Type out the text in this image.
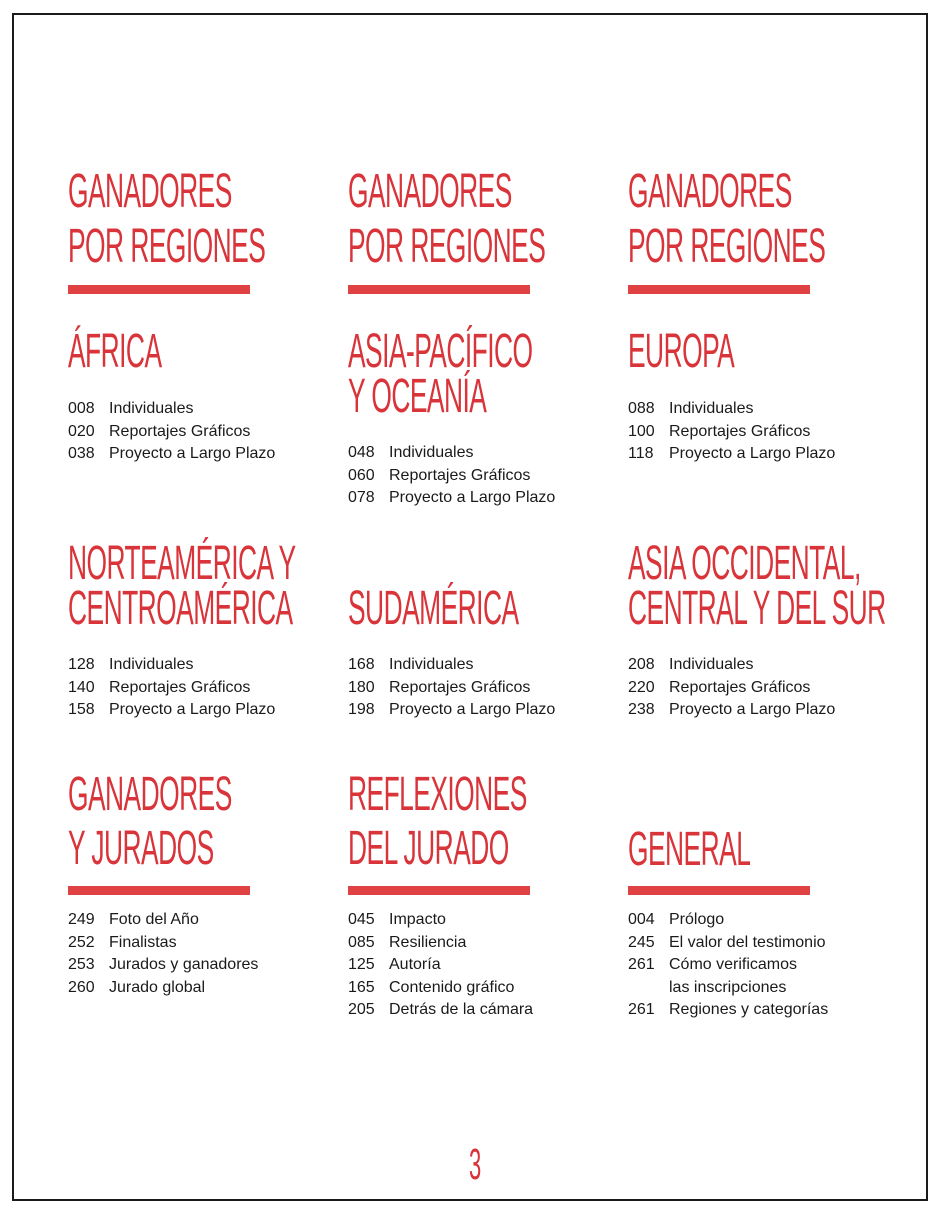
GANADORES
POR REGIONES
GANADORES
POR REGIONES
GANADORES
POR REGIONES
ÁFRICA
008 Individuales
020 Reportajes Gráficos
038 Proyecto a Largo Plazo
ASIA-PACÍFICO
Y OCEANÍA
048 Individuales
060 Reportajes Gráficos
078 Proyecto a Largo Plazo
EUROPA
088 Individuales
100 Reportajes Gráficos
118 Proyecto a Largo Plazo
NORTEAMÉRICA Y
CENTROAMÉRICA
128 Individuales
140 Reportajes Gráficos
158 Proyecto a Largo Plazo
SUDAMÉRICA
168 Individuales
180 Reportajes Gráficos
198 Proyecto a Largo Plazo
ASIA OCCIDENTAL,
CENTRAL Y DEL SUR
208 Individuales
220 Reportajes Gráficos
238 Proyecto a Largo Plazo
GANADORES
Y JURADOS
249 Foto del Año
252 Finalistas
253 Jurados y ganadores
260 Jurado global
REFLEXIONES
DEL JURADO
045 Impacto
085 Resiliencia
125 Autoría
165 Contenido gráfico
205 Detrás de la cámara
GENERAL
004 Prólogo
245 El valor del testimonio
261 Cómo verificamos
las inscripciones
261 Regiones y categorías
3
